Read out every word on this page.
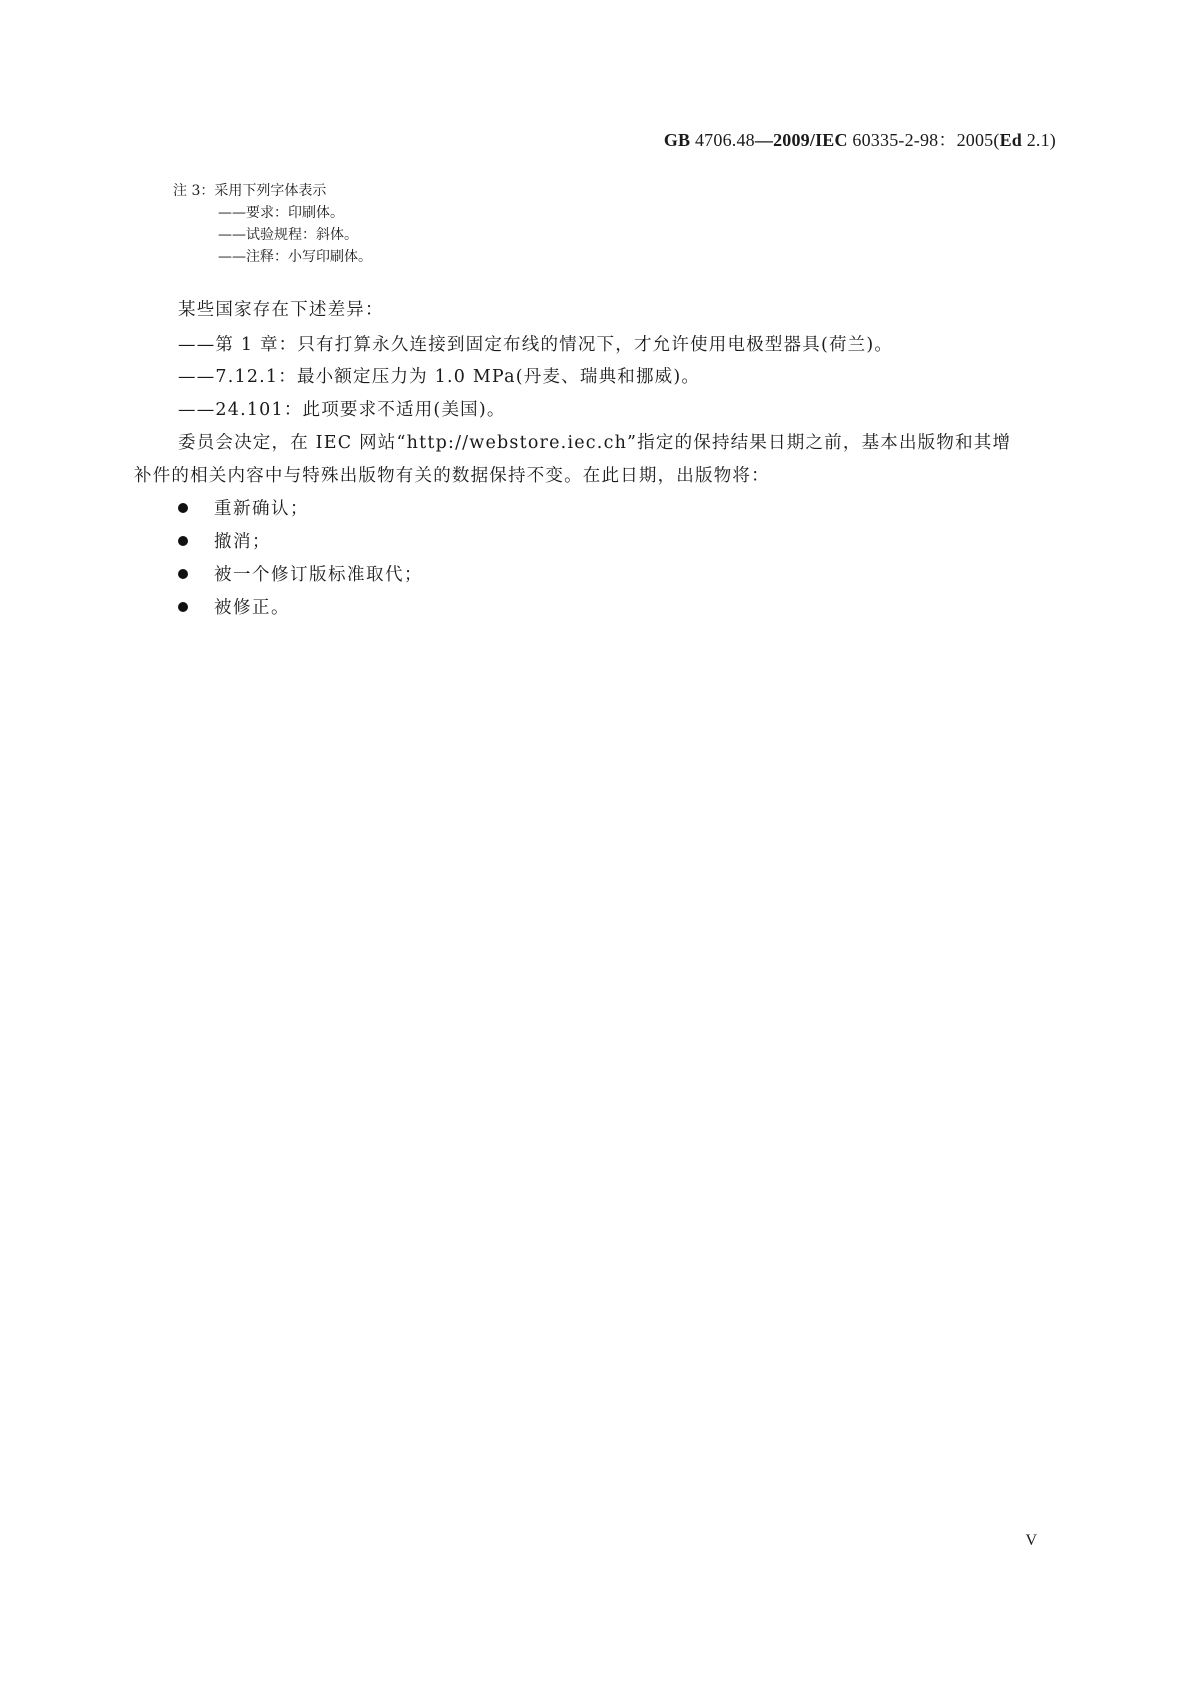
GB 4706.48—2009/IEC 60335-2-98：2005(Ed 2.1)
注 3：采用下列字体表示
——要求：印刷体。
——试验规程：斜体。
——注释：小写印刷体。
某些国家存在下述差异：
——第 1 章：只有打算永久连接到固定布线的情况下，才允许使用电极型器具(荷兰)。
——7.12.1：最小额定压力为 1.0 MPa(丹麦、瑞典和挪威)。
——24.101：此项要求不适用(美国)。
委员会决定，在 IEC 网站“http://webstore.iec.ch”指定的保持结果日期之前，基本出版物和其增
补件的相关内容中与特殊出版物有关的数据保持不变。在此日期，出版物将：
重新确认；
撤消；
被一个修订版标准取代；
被修正。
V
